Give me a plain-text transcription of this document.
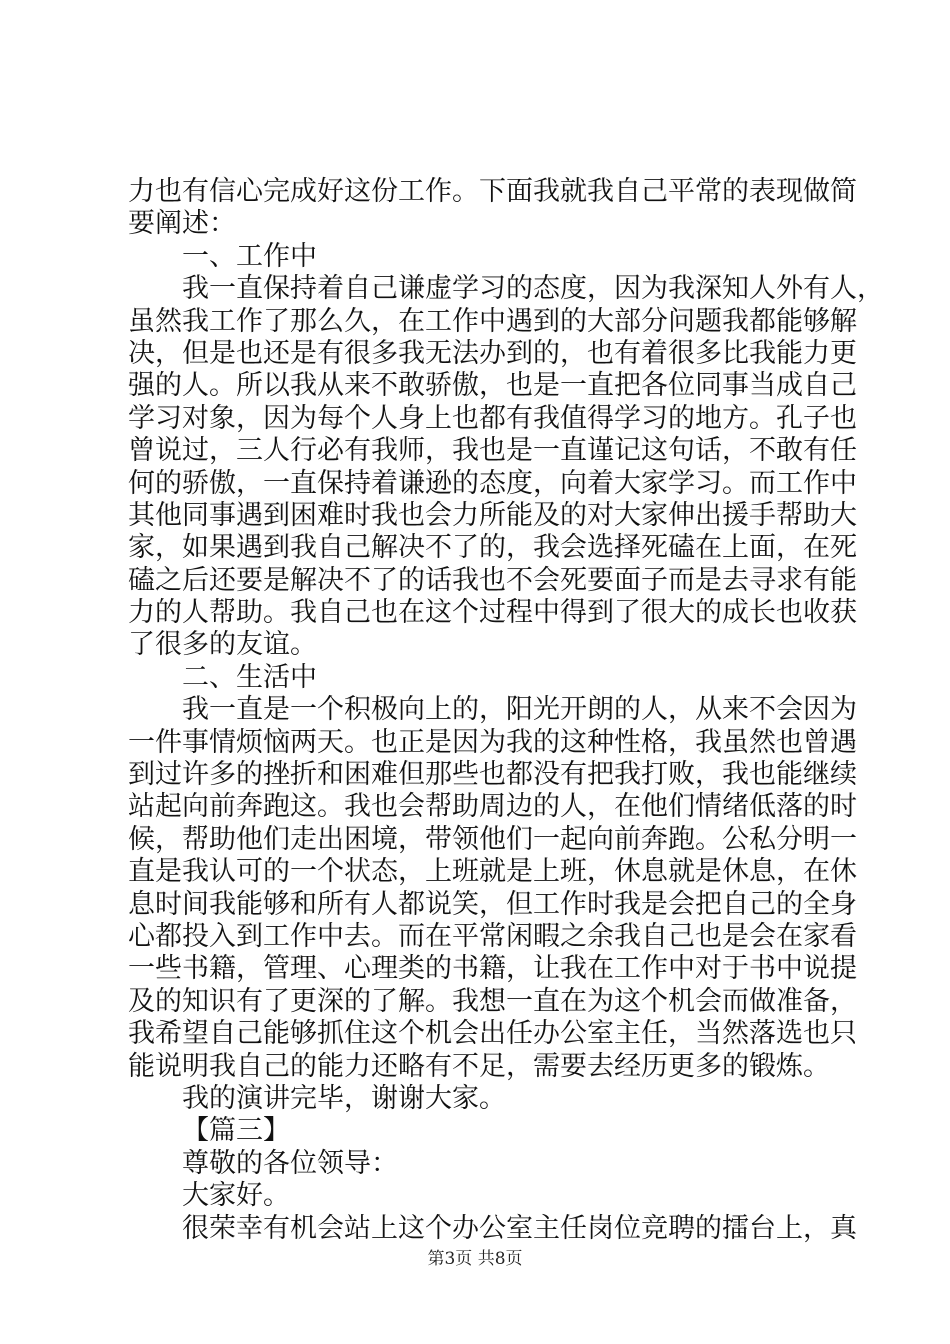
力也有信心完成好这份工作。下面我就我自己平常的表现做简
要阐述：
一、工作中
我一直保持着自己谦虚学习的态度，因为我深知人外有人，
虽然我工作了那么久，在工作中遇到的大部分问题我都能够解
决，但是也还是有很多我无法办到的，也有着很多比我能力更
强的人。所以我从来不敢骄傲，也是一直把各位同事当成自己
学习对象，因为每个人身上也都有我值得学习的地方。孔子也
曾说过，三人行必有我师，我也是一直谨记这句话，不敢有任
何的骄傲，一直保持着谦逊的态度，向着大家学习。而工作中
其他同事遇到困难时我也会力所能及的对大家伸出援手帮助大
家，如果遇到我自己解决不了的，我会选择死磕在上面，在死
磕之后还要是解决不了的话我也不会死要面子而是去寻求有能
力的人帮助。我自己也在这个过程中得到了很大的成长也收获
了很多的友谊。
二、生活中
我一直是一个积极向上的，阳光开朗的人，从来不会因为
一件事情烦恼两天。也正是因为我的这种性格，我虽然也曾遇
到过许多的挫折和困难但那些也都没有把我打败，我也能继续
站起向前奔跑这。我也会帮助周边的人，在他们情绪低落的时
候，帮助他们走出困境，带领他们一起向前奔跑。公私分明一
直是我认可的一个状态，上班就是上班，休息就是休息，在休
息时间我能够和所有人都说笑，但工作时我是会把自己的全身
心都投入到工作中去。而在平常闲暇之余我自己也是会在家看
一些书籍，管理、心理类的书籍，让我在工作中对于书中说提
及的知识有了更深的了解。我想一直在为这个机会而做准备，
我希望自己能够抓住这个机会出任办公室主任，当然落选也只
能说明我自己的能力还略有不足，需要去经历更多的锻炼。
我的演讲完毕，谢谢大家。
【篇三】
尊敬的各位领导：
大家好。
很荣幸有机会站上这个办公室主任岗位竞聘的擂台上，真
第3页 共8页
